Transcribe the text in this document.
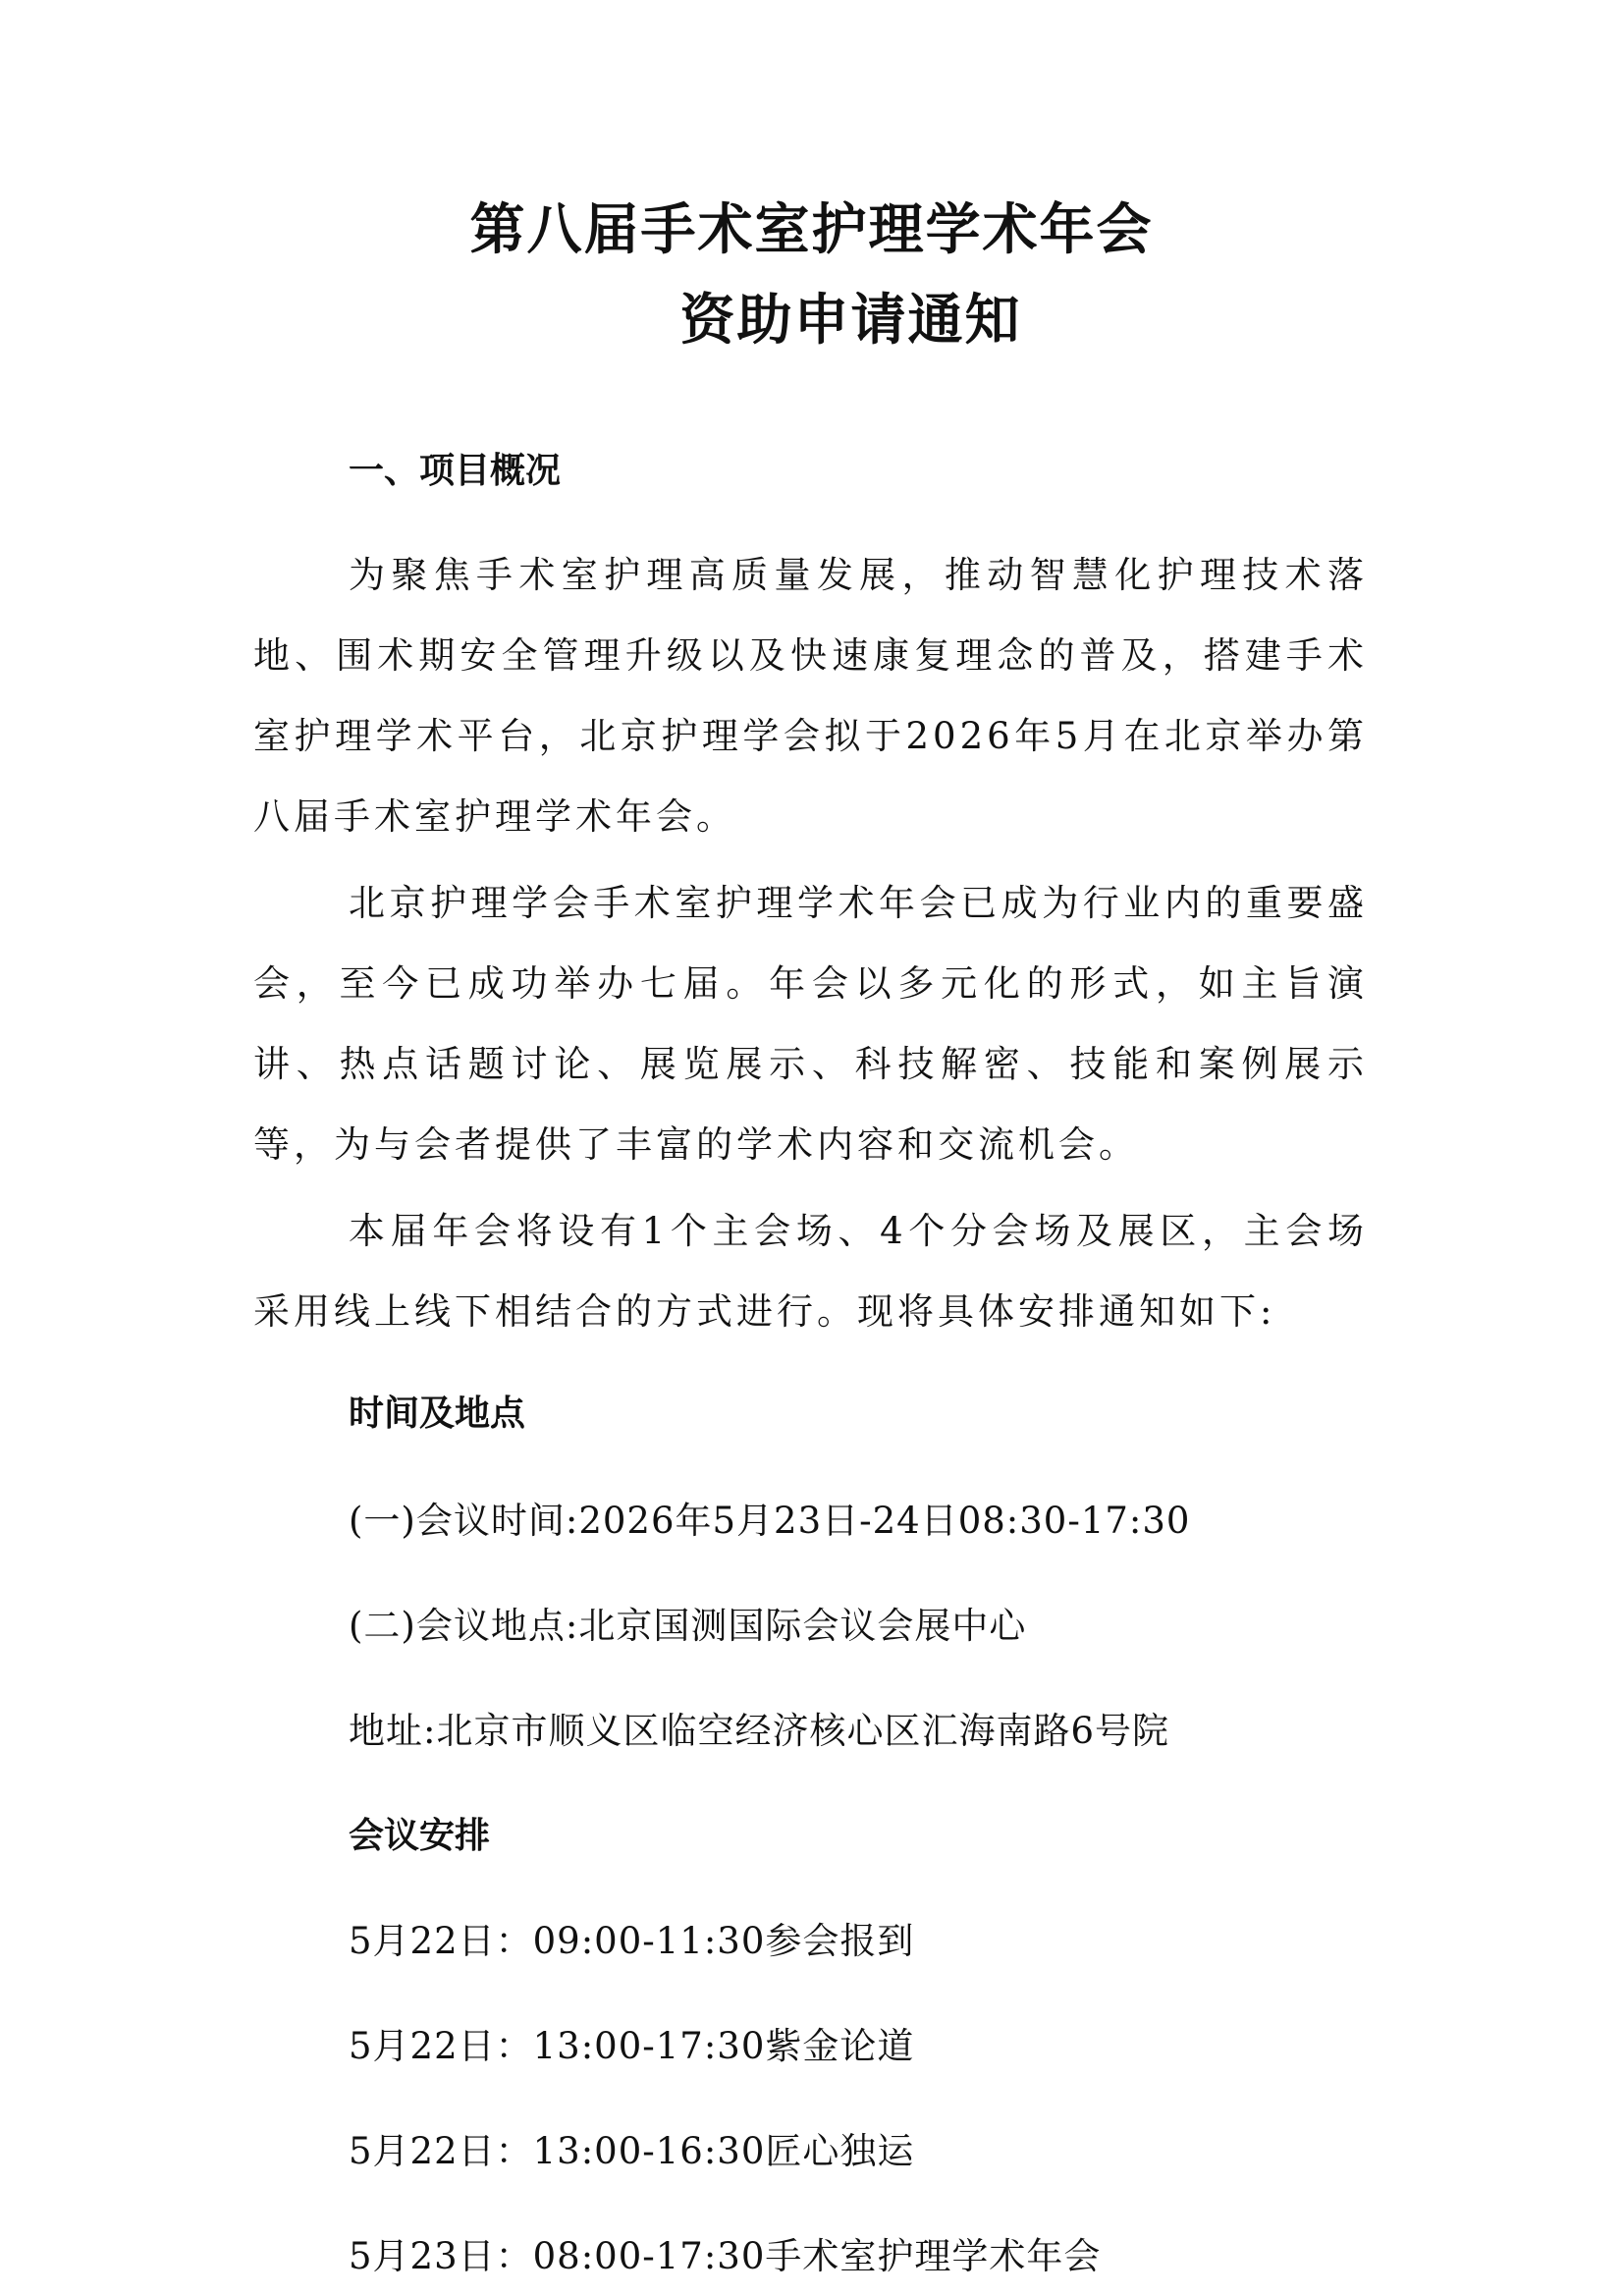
第八届手术室护理学术年会
资助申请通知
一、项目概况

为聚焦手术室护理高质量发展，推动智慧化护理技术落地、围术期安全管理升级以及快速康复理念的普及，搭建手术室护理学术平台，北京护理学会拟于2026年5月在北京举办第八届手术室护理学术年会。

北京护理学会手术室护理学术年会已成为行业内的重要盛会，至今已成功举办七届。年会以多元化的形式，如主旨演讲、热点话题讨论、展览展示、科技解密、技能和案例展示等，为与会者提供了丰富的学术内容和交流机会。

本届年会将设有1个主会场、4个分会场及展区，主会场采用线上线下相结合的方式进行。现将具体安排通知如下:

时间及地点
(一)会议时间:2026年5月23日-24日08:30-17:30
(二)会议地点:北京国测国际会议会展中心
地址:北京市顺义区临空经济核心区汇海南路6号院
会议安排
5月22日：09:00-11:30参会报到
5月22日：13:00-17:30紫金论道
5月22日：13:00-16:30匠心独运
5月23日：08:00-17:30手术室护理学术年会
